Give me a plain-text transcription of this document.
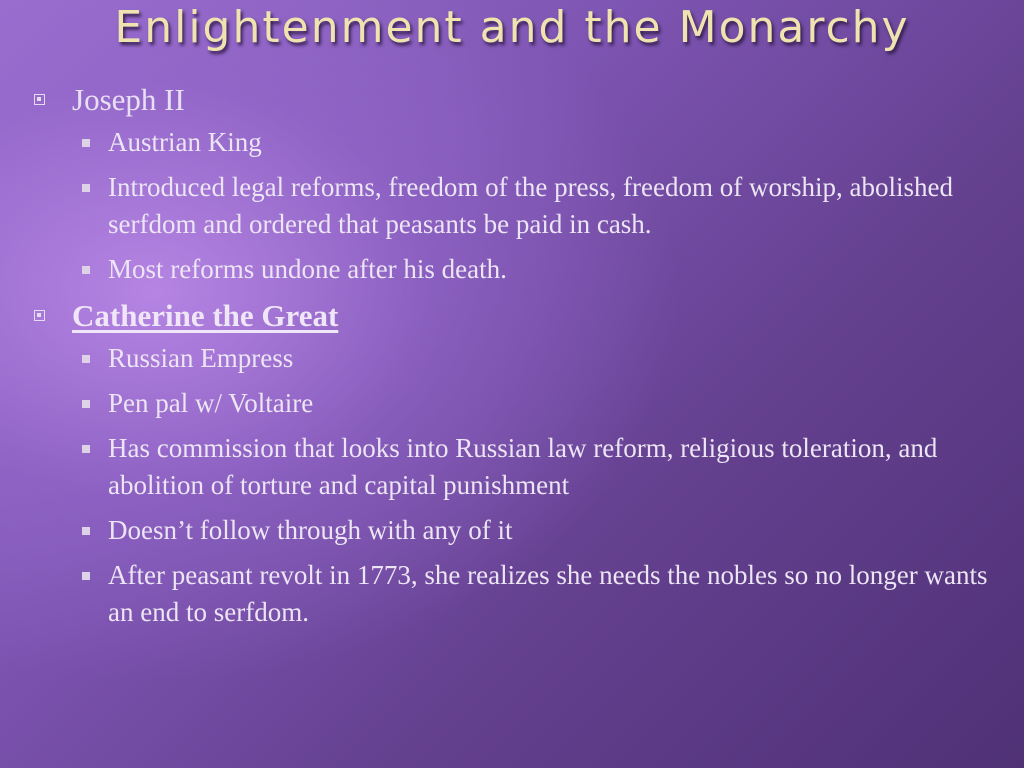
Enlightenment and the Monarchy
Joseph II
Austrian King
Introduced legal reforms, freedom of the press, freedom of worship, abolished serfdom and ordered that peasants be paid in cash.
Most reforms undone after his death.
Catherine the Great
Russian Empress
Pen pal w/ Voltaire
Has commission that looks into Russian law reform, religious toleration, and abolition of torture and capital punishment
Doesn’t follow through with any of it
After peasant revolt in 1773, she realizes she needs the nobles so no longer wants an end to serfdom.
